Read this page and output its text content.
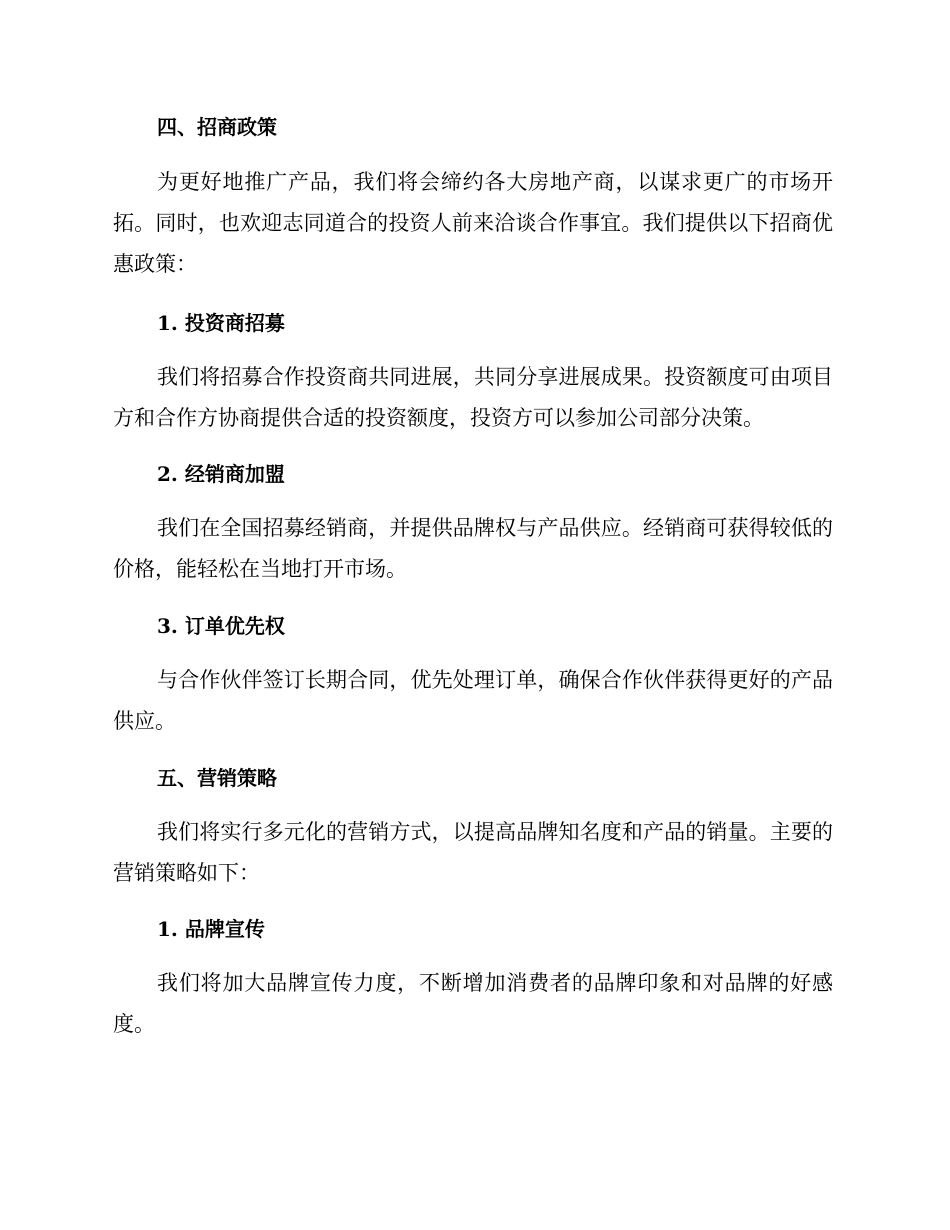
四、招商政策

为更好地推广产品，我们将会缔约各大房地产商，以谋求更广的市场开拓。同时，也欢迎志同道合的投资人前来洽谈合作事宜。我们提供以下招商优惠政策：

1. 投资商招募

我们将招募合作投资商共同进展，共同分享进展成果。投资额度可由项目方和合作方协商提供合适的投资额度，投资方可以参加公司部分决策。

2. 经销商加盟

我们在全国招募经销商，并提供品牌权与产品供应。经销商可获得较低的价格，能轻松在当地打开市场。

3. 订单优先权

与合作伙伴签订长期合同，优先处理订单，确保合作伙伴获得更好的产品供应。

五、营销策略

我们将实行多元化的营销方式，以提高品牌知名度和产品的销量。主要的营销策略如下：

1. 品牌宣传

我们将加大品牌宣传力度，不断增加消费者的品牌印象和对品牌的好感度。
